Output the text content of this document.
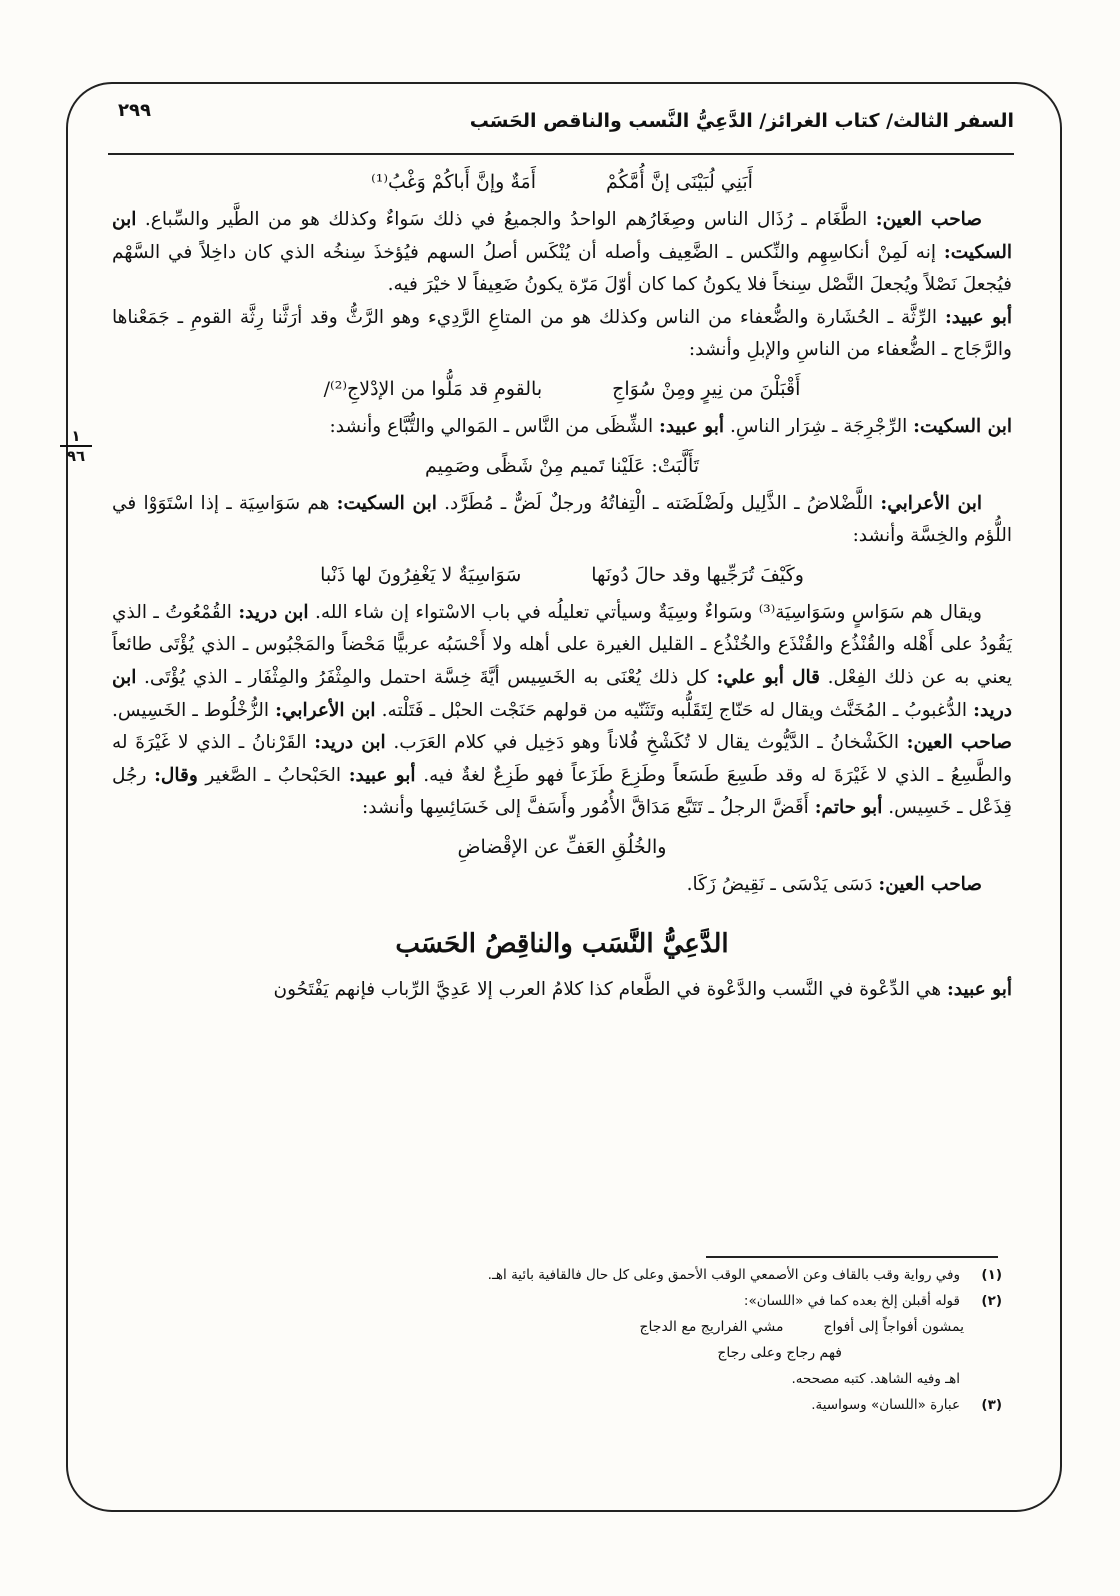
السفر الثالث/ كتاب الغرائز/ الدَّعِيُّ النَّسب والناقص الحَسَب
٢٩٩
١
٩٦
أَبَنِي لُبَيْنَى إنَّ أُمَّكُمْ
أَمَةٌ وإنَّ أَباكُمْ وَغْبُ⁽¹⁾

صاحب العين: الطَّغَام ـ رُذَال الناس وصِغَارُهم الواحدُ والجميعُ في ذلك سَواءٌ وكذلك هو من الطَّير والسِّباع. ابن السكيت: إنه لَمِنْ أنكاسِهِم والنِّكس ـ الضَّعِيف وأصله أن يُنْكَس أصلُ السهم فيُؤخذَ سِنخُه الذي كان داخِلاً في السَّهْم فيُجعلَ نَصْلاً ويُجعلَ النَّصْل سِنخاً فلا يكونُ كما كان أوّلَ مَرّة يكونُ ضَعِيفاً لا خيْرَ فيه.

أبو عبيد: الرِّثَّة ـ الحُشَارة والضُّعفاء من الناس وكذلك هو من المتاعِ الرَّدِيء وهو الرَّثُّ وقد أرَثَّنا رِثَّة القومِ ـ جَمَعْناها والرَّجَاج ـ الضُّعفاء من الناسِ والإبلِ وأنشد:

أَقْبَلْنَ من نِيرٍ ومِنْ سُوَاجِ
بالقومِ قد مَلُّوا من الإدْلاجِ⁽²⁾/

ابن السكيت: الرِّجْرِجَة ـ شِرَار الناسِ. أبو عبيد: الشِّظَى من النَّاس ـ المَوالي والتُّبَّاع وأنشد:

تَأَلَّبَتْ: عَلَيْنا تَميم مِنْ شَظًى وصَمِيم

ابن الأعرابي: اللَّضْلاضُ ـ الذَّلِيل ولَضْلَضَته ـ الْتِفاتُهُ ورجلٌ لَضٌّ ـ مُطَرَّد. ابن السكيت: هم سَوَاسِيَة ـ إذا اسْتَوَوْا في اللُّؤم والخِسَّة وأنشد:

وكَيْفَ تُرَجِّيها وقد حالَ دُونَها
سَوَاسِيَةٌ لا يَغْفِرُونَ لها ذَنْبا

ويقال هم سَوَاسٍ وسَوَاسِيَة⁽³⁾ وسَواءٌ وسِيَةٌ وسيأتي تعليلُه في باب الاسْتواء إن شاء الله. ابن دريد: القُمْعُوتُ ـ الذي يَقُودُ على أَهْله والقُنْذُع والقُنْذَع والخُنْذُع ـ القليل الغيرة على أهله ولا أَحْسَبُه عربيًّا مَحْضاً والمَجْبُوس ـ الذي يُؤْتَى طائعاً يعني به عن ذلك الفِعْل. قال أبو علي: كل ذلك يُعْنَى به الخَسِيس أيَّةَ خِسَّة احتمل والمِثْفَرُ والمِثْفَار ـ الذي يُؤْتَى. ابن دريد: الدُّغبوبُ ـ المُخَنَّث ويقال له حَنّاج لِتَقَلُّبه وتَثَنّيه من قولهم حَنَجْت الحبْل ـ فَتَلْته. ابن الأعرابي: الزُّخْلُوط ـ الخَسِيس. صاحب العين: الكَشْخانُ ـ الدَّيُّوث يقال لا تُكَشْخِ فُلاناً وهو دَخِيل في كلام العَرَب. ابن دريد: القَرْنانُ ـ الذي لا غَيْرَةَ له والطَّسِعُ ـ الذي لا غَيْرَةَ له وقد طَسِعَ طَسَعاً وطَزِعَ طَزَعاً فهو طَزِعٌ لغةٌ فيه. أبو عبيد: الحَبْحابُ ـ الصَّغير وقال: رجُل قِذَعْل ـ خَسِيس. أبو حاتم: أَقَضَّ الرجلُ ـ تَتَبَّع مَدَاقَّ الأُمُور وأَسَفَّ إلى خَسَائِسِها وأنشد:

والخُلُقِ العَفِّ عن الإقْضاضِ

صاحب العين: دَسَى يَدْسَى ـ نَقِيضُ زَكَا.

الدَّعِيُّ النَّسَب والناقِصُ الحَسَب

أبو عبيد: هي الدِّعْوة في النَّسب والدَّعْوة في الطَّعام كذا كلامُ العرب إلا عَدِيَّ الرِّباب فإنهم يَفْتَحُون

(١)
وفي رواية وقب بالقاف وعن الأصمعي الوقب الأحمق وعلى كل حال فالقافية بائية اهـ.
(٢)
قوله أقبلن إلخ بعده كما في «اللسان»:
يمشون أفواجاً إلى أفواج
مشي الفراريج مع الدجاج
فهم رجاج وعلى رجاج
اهـ وفيه الشاهد. كتبه مصححه.
(٣)
عبارة «اللسان» وسواسية.
